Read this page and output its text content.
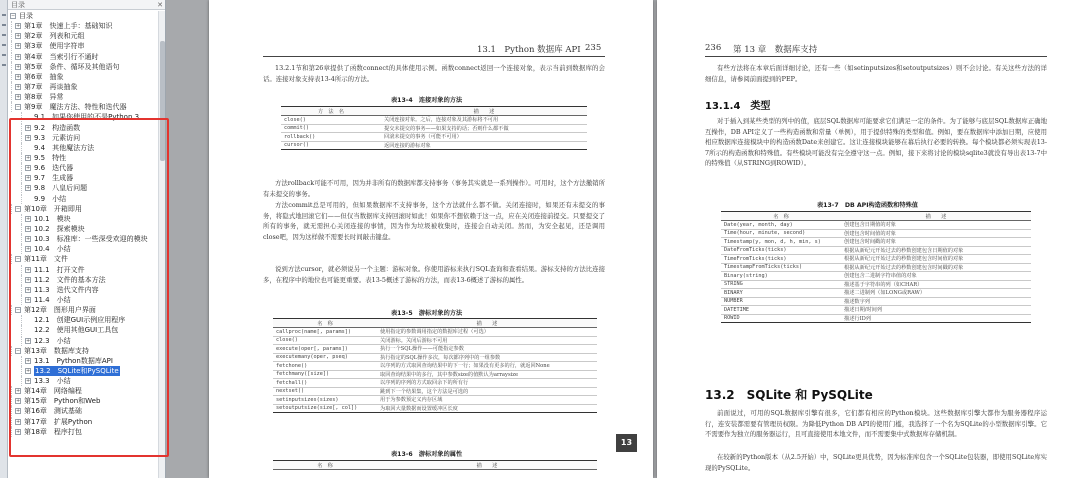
目录	✕
− 目录
+ 第1章　快速上手：基础知识
+ 第2章　列表和元组
+ 第3章　使用字符串
+ 第4章　当索引行不通时
+ 第5章　条件、循环及其他语句
+ 第6章　抽象
+ 第7章　再谈抽象
+ 第8章　异常
− 第9章　魔法方法、特性和迭代器
9.1　如果你使用的不是Python 3
+ 9.2　构造函数
+ 9.3　元素访问
9.4　其他魔法方法
+ 9.5　特性
+ 9.6　迭代器
+ 9.7　生成器
+ 9.8　八皇后问题
9.9　小结
− 第10章　开箱即用
+ 10.1　模块
+ 10.2　探索模块
+ 10.3　标准库：一些深受欢迎的模块
+ 10.4　小结
− 第11章　文件
+ 11.1　打开文件
+ 11.2　文件的基本方法
+ 11.3　迭代文件内容
+ 11.4　小结
− 第12章　图形用户界面
12.1　创建GUI示例应用程序
12.2　使用其他GUI工具包
+ 12.3　小结
− 第13章　数据库支持
+ 13.1　Python数据库API
+ 13.2　SQLite和PySQLite
+ 13.3　小结
+ 第14章　网络编程
+ 第15章　Python和Web
+ 第16章　测试基础
+ 第17章　扩展Python
+ 第18章　程序打包
13.1　Python 数据库 API 235
13.2.1节和第26章提供了函数connect的具体使用示例。函数connect返回一个连接对象，表示当前到数据库的会话。连接对象支持表13-4所示的方法。
表13-4　连接对象的方法
方　法　名	描　　述
close()	关闭连接对象。之后，连接对象及其游标将不可用
commit()	提交未提交的事务——如果支持的话；否则什么都不做
rollback()	回滚未提交的事务（可能不可用）
cursor()	返回连接的游标对象
方法rollback可能不可用，因为并非所有的数据库都支持事务（事务其实就是一系列操作）。可用时，这个方法撤销所有未提交的事务。
方法commit总是可用的，但如果数据库不支持事务，这个方法就什么都不做。关闭连接时，如果还有未提交的事务，将隐式地回滚它们——但仅当数据库支持回滚时如此！如果你不想依赖于这一点，应在关闭连接前提交。只要提交了所有的事务，就无需担心关闭连接的事情，因为作为垃圾被收集时，连接会自动关闭。然而，为安全起见，还是调用close吧，因为这样做不需要长时间敲击键盘。
说到方法cursor，就必须说另一个主题：游标对象。你使用游标来执行SQL查询和查看结果。游标支持的方法比连接多，在程序中的地位也可能更重要。表13-5概述了游标的方法，而表13-6概述了游标的属性。
表13-5　游标对象的方法
名　称	描　　述
callproc(name[, params])	使用指定的参数调用指定的数据库过程（可选）
close()	关闭游标。关闭后游标不可用
execute(oper[, params])	执行一个SQL操作——可能指定参数
executemany(oper, pseq)	执行指定的SQL操作多次，每次都序列中的一组参数
fetchone()	以序列的方式取回查询结果中的下一行；如果没有更多的行，就返回None
fetchmany([size])	取回查询结果中的多行，其中参数size的值默认为arraysize
fetchall()	以序列的序列的方式取回余下的所有行
nextset()	跳到下一个结果集，这个方法是可选的
setinputsizes(sizes)	用于为参数预定义内存区域
setoutputsize(size[, col])	为取回大量数据而设置缓冲区长度
表13-6　游标对象的属性
名　称	描　　述
13
236 第 13 章　数据库支持
有些方法将在本章后面详细讨论，还有一些（如setinputsizes和setoutputsizes）则不会讨论。有关这些方法的详细信息，请参阅前面提到的PEP。
13.1.4　类型
对于插入到某些类型的列中的值，底层SQL数据库可能要求它们满足一定的条件。为了能够与底层SQL数据库正确地互操作，DB API定义了一些构造函数和常量（单例），用于提供特殊的类型和值。例如，要在数据库中添加日期，应使用相应数据库连接模块中的构造函数Date来创建它。这让连接模块能够在幕后执行必要的转换。每个模块都必须实现表13-7所示的构造函数和特殊值。有些模块可能没有完全遵守这一点。例如，接下来将讨论的模块sqlite3就没有导出表13-7中的特殊值（从STRING到ROWID）。
表13-7　DB API构造函数和特殊值
名　称	描　　述
Date(year, month, day)	创建包含日期值的对象
Time(hour, minute, second)	创建包含时间值的对象
Timestamp(y, mon, d, h, min, s)	创建包含时间戳的对象
DateFromTicks(ticks)	根据从新纪元开始过去的秒数创建包含日期值的对象
TimeFromTicks(ticks)	根据从新纪元开始过去的秒数创建包含时间值的对象
TimestampFromTicks(ticks)	根据从新纪元开始过去的秒数创建包含时间戳的对象
Binary(string)	创建包含二进制字符串值的对象
STRING	描述基于字符串的列（如CHAR）
BINARY	描述二进制列（如LONG或RAW）
NUMBER	描述数字列
DATETIME	描述日期/时间列
ROWID	描述行ID列
13.2　SQLite 和 PySQLite
前面说过，可用的SQL数据库引擎有很多，它们都有相应的Python模块。这些数据库引擎大都作为服务器程序运行，连安装都需要有管理员权限。为降低Python DB API的使用门槛，我选择了一个名为SQLite的小型数据库引擎。它不需要作为独立的服务器运行，且可直接使用本地文件，而不需要集中式数据库存储机制。
在较新的Python版本（从2.5开始）中，SQLite更具优势，因为标准库包含一个SQLite包装器，即使用SQLite库实现的PySQLite。
